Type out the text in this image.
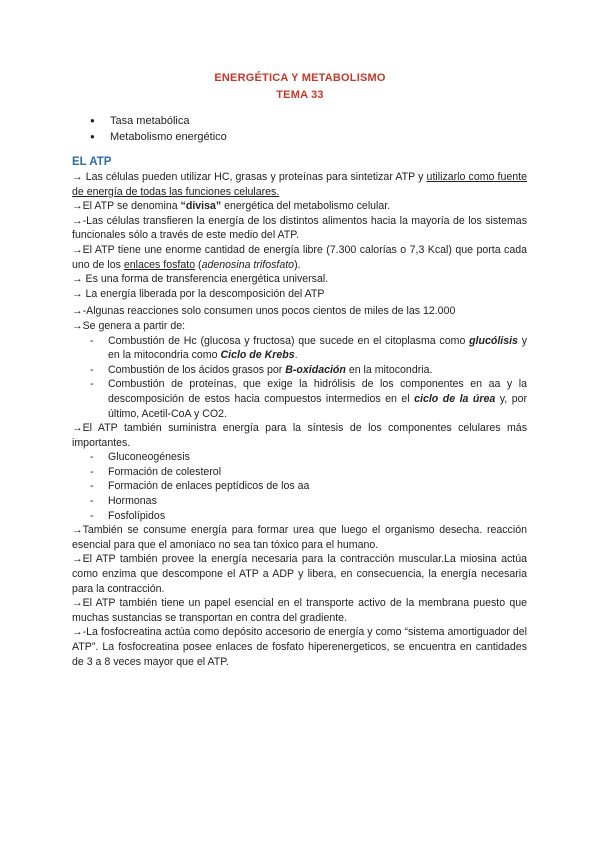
ENERGÉTICA Y METABOLISMO
TEMA 33
● Tasa metabólica
● Metabolismo energético
EL ATP

→ Las células pueden utilizar HC, grasas y proteínas para sintetizar ATP y utilizarlo como fuente de energía de todas las funciones celulares.

→El ATP se denomina “divisa” energética del metabolismo celular.

→-Las células transfieren la energía de los distintos alimentos hacia la mayoría de los sistemas funcionales sólo a través de este medio del ATP.

→El ATP tiene une enorme cantidad de energía libre (7.300 calorías o 7,3 Kcal) que porta cada uno de los enlaces fosfato (adenosina trifosfato).

→ Es una forma de transferencia energética universal.

→ La energía liberada por la descomposición del ATP

→-Algunas reacciones solo consumen unos pocos cientos de miles de las 12.000

→Se genera a partir de:

- Combustión de Hc (glucosa y fructosa) que sucede en el citoplasma como glucólisis y en la mitocondria como Ciclo de Krebs.
- Combustión de los ácidos grasos por B-oxidación en la mitocondria.
- Combustión de proteínas, que exige la hidrólisis de los componentes en aa y la descomposición de estos hacia compuestos intermedios en el ciclo de la úrea y, por último, Acetil-CoA y CO2.

→El ATP también suministra energía para la síntesis de los componentes celulares más importantes.

- Gluconeogénesis
- Formación de colesterol
- Formación de enlaces peptídicos de los aa
- Hormonas
- Fosfolípidos

→También se consume energía para formar urea que luego el organismo desecha. reacción esencial para que el amoniaco no sea tan tóxico para el humano.

→El ATP también provee la energía necesaria para la contracción muscular.La miosina actúa como enzima que descompone el ATP a ADP y libera, en consecuencia, la energía necesaria para la contracción.

→El ATP también tiene un papel esencial en el transporte activo de la membrana puesto que muchas sustancias se transportan en contra del gradiente.

→-La fosfocreatina actúa como depósito accesorio de energía y como “sistema amortiguador del ATP”. La fosfocreatina posee enlaces de fosfato hiperenergeticos, se encuentra en cantidades de 3 a 8 veces mayor que el ATP.
